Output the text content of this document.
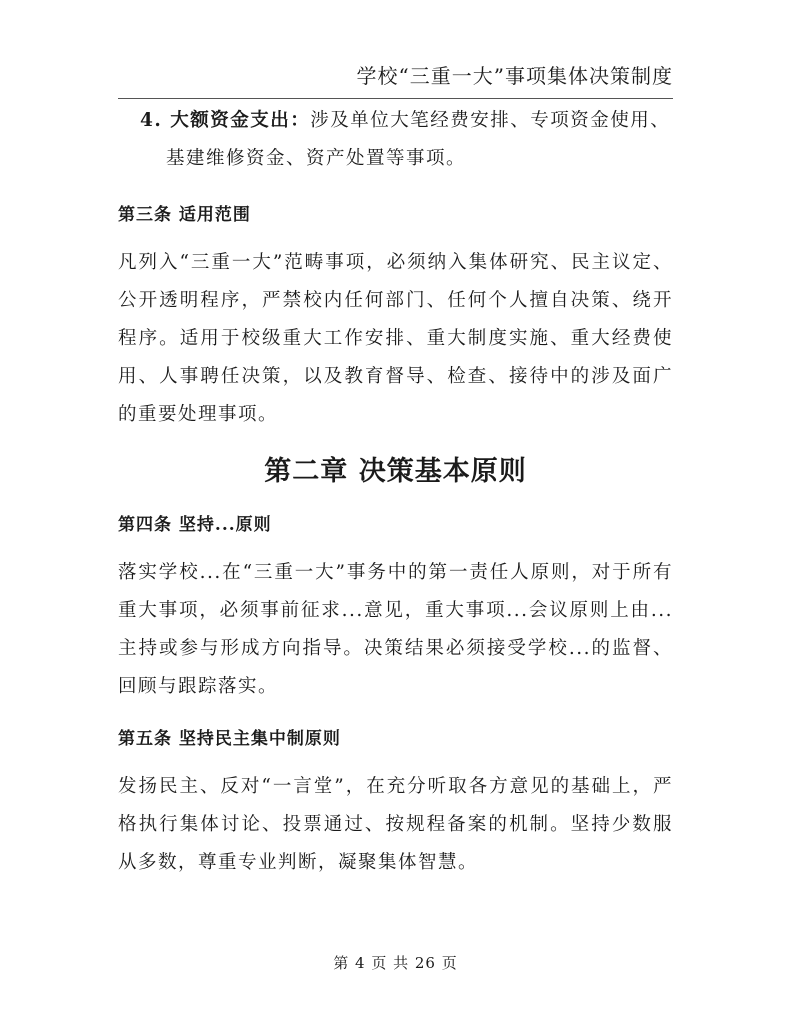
学校“三重一大”事项集体决策制度

4. 大额资金支出：涉及单位大笔经费安排、专项资金使用、基建维修资金、资产处置等事项。

第三条 适用范围

凡列入“三重一大”范畴事项，必须纳入集体研究、民主议定、公开透明程序，严禁校内任何部门、任何个人擅自决策、绕开程序。适用于校级重大工作安排、重大制度实施、重大经费使用、人事聘任决策，以及教育督导、检查、接待中的涉及面广的重要处理事项。

第二章 决策基本原则

第四条 坚持...原则

落实学校...在“三重一大”事务中的第一责任人原则，对于所有重大事项，必须事前征求...意见，重大事项...会议原则上由...主持或参与形成方向指导。决策结果必须接受学校...的监督、回顾与跟踪落实。

第五条 坚持民主集中制原则

发扬民主、反对“一言堂”，在充分听取各方意见的基础上，严格执行集体讨论、投票通过、按规程备案的机制。坚持少数服从多数，尊重专业判断，凝聚集体智慧。

第 4 页 共 26 页
